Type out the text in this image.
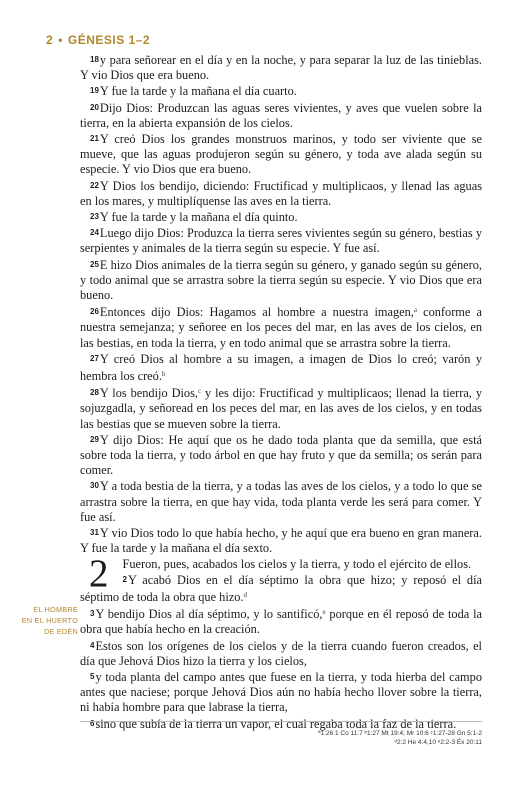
2 • GÉNESIS 1–2

18y para señorear en el día y en la noche, y para separar la luz de las tinieblas. Y vio Dios que era bueno.

19Y fue la tarde y la mañana el día cuarto.

20Dijo Dios: Produzcan las aguas seres vivientes, y aves que vuelen sobre la tierra, en la abierta expansión de los cielos.

21Y creó Dios los grandes monstruos marinos, y todo ser viviente que se mueve, que las aguas produjeron según su género, y toda ave alada según su especie. Y vio Dios que era bueno.

22Y Dios los bendijo, diciendo: Fructificad y multiplicaos, y llenad las aguas en los mares, y multiplíquense las aves en la tierra.

23Y fue la tarde y la mañana el día quinto.

24Luego dijo Dios: Produzca la tierra seres vivientes según su género, bestias y serpientes y animales de la tierra según su especie. Y fue así.

25E hizo Dios animales de la tierra según su género, y ganado según su género, y todo animal que se arrastra sobre la tierra según su especie. Y vio Dios que era bueno.

26Entonces dijo Dios: Hagamos al hombre a nuestra imagen,$^a$ conforme a nuestra semejanza; y señoree en los peces del mar, en las aves de los cielos, en las bestias, en toda la tierra, y en todo animal que se arrastra sobre la tierra.

27Y creó Dios al hombre a su imagen, a imagen de Dios lo creó; varón y hembra los creó.$^b$

28Y los bendijo Dios,$^c$ y les dijo: Fructificad y multiplicaos; llenad la tierra, y sojuzgadla, y señoread en los peces del mar, en las aves de los cielos, y en todas las bestias que se mueven sobre la tierra.

29Y dijo Dios: He aquí que os he dado toda planta que da semilla, que está sobre toda la tierra, y todo árbol en que hay fruto y que da semilla; os serán para comer.

30Y a toda bestia de la tierra, y a todas las aves de los cielos, y a todo lo que se arrastra sobre la tierra, en que hay vida, toda planta verde les será para comer. Y fue así.

31Y vio Dios todo lo que había hecho, y he aquí que era bueno en gran manera. Y fue la tarde y la mañana el día sexto.

2 Fueron, pues, acabados los cielos y la tierra, y todo el ejército de ellos.

2Y acabó Dios en el día séptimo la obra que hizo; y reposó el día séptimo de toda la obra que hizo.$^d$

3Y bendijo Dios al día séptimo, y lo santificó,$^e$ porque en él reposó de toda la obra que había hecho en la creación.

4Estos son los orígenes de los cielos y de la tierra cuando fueron creados, el día que Jehová Dios hizo la tierra y los cielos,

5y toda planta del campo antes que fuese en la tierra, y toda hierba del campo antes que naciese; porque Jehová Dios aún no había hecho llover sobre la tierra, ni había hombre para que labrase la tierra,

6sino que subía de la tierra un vapor, el cual regaba toda la faz de la tierra.

EL HOMBRE
EN EL HUERTO
DE EDÉN
ª1:26 1 Co 11:7 ᵇ1:27 Mt 19:4; Mr 10:6 ᶜ1:27-28 Gn 5:1-2
ᵈ2:2 He 4:4,10 ᵉ2:2-3 Éx 20:11
